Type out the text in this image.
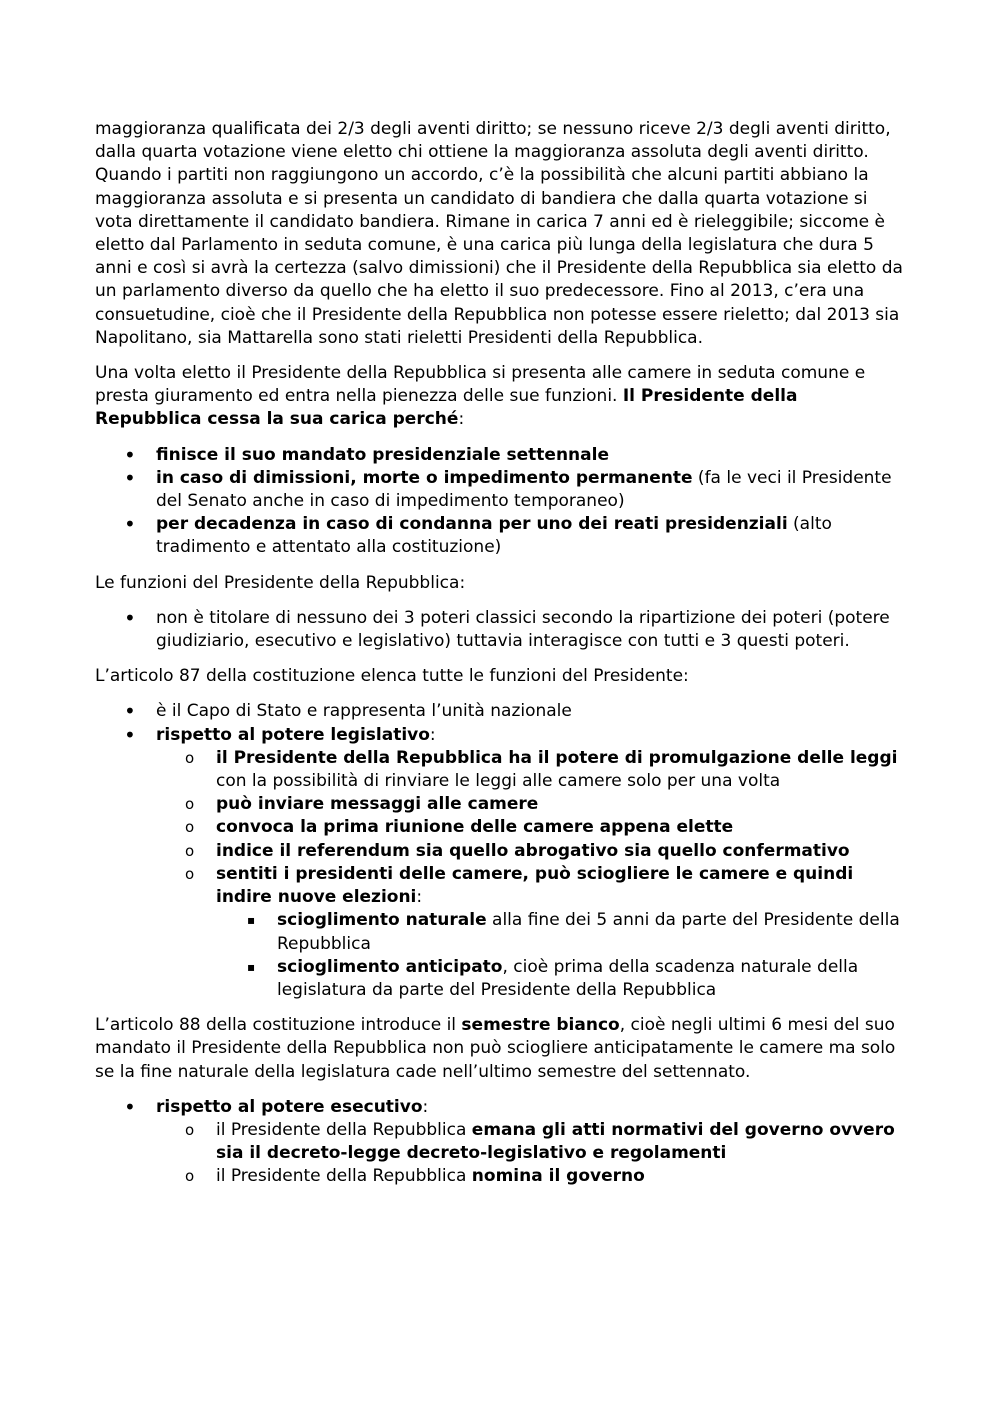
maggioranza qualificata dei 2/3 degli aventi diritto; se nessuno riceve 2/3 degli aventi diritto, dalla quarta votazione viene eletto chi ottiene la maggioranza assoluta degli aventi diritto. Quando i partiti non raggiungono un accordo, c’è la possibilità che alcuni partiti abbiano la maggioranza assoluta e si presenta un candidato di bandiera che dalla quarta votazione si vota direttamente il candidato bandiera. Rimane in carica 7 anni ed è rieleggibile; siccome è eletto dal Parlamento in seduta comune, è una carica più lunga della legislatura che dura 5 anni e così si avrà la certezza (salvo dimissioni) che il Presidente della Repubblica sia eletto da un parlamento diverso da quello che ha eletto il suo predecessore. Fino al 2013, c’era una consuetudine, cioè che il Presidente della Repubblica non potesse essere rieletto; dal 2013 sia Napolitano, sia Mattarella sono stati rieletti Presidenti della Repubblica.

Una volta eletto il Presidente della Repubblica si presenta alle camere in seduta comune e presta giuramento ed entra nella pienezza delle sue funzioni. Il Presidente della Repubblica cessa la sua carica perché:

• finisce il suo mandato presidenziale settennale
• in caso di dimissioni, morte o impedimento permanente (fa le veci il Presidente del Senato anche in caso di impedimento temporaneo)
• per decadenza in caso di condanna per uno dei reati presidenziali (alto tradimento e attentato alla costituzione)

Le funzioni del Presidente della Repubblica:

• non è titolare di nessuno dei 3 poteri classici secondo la ripartizione dei poteri (potere giudiziario, esecutivo e legislativo) tuttavia interagisce con tutti e 3 questi poteri.

L’articolo 87 della costituzione elenca tutte le funzioni del Presidente:

• è il Capo di Stato e rappresenta l’unità nazionale
• rispetto al potere legislativo:
o il Presidente della Repubblica ha il potere di promulgazione delle leggi con la possibilità di rinviare le leggi alle camere solo per una volta
o può inviare messaggi alle camere
o convoca la prima riunione delle camere appena elette
o indice il referendum sia quello abrogativo sia quello confermativo
o sentiti i presidenti delle camere, può sciogliere le camere e quindi indire nuove elezioni:
▪ scioglimento naturale alla fine dei 5 anni da parte del Presidente della Repubblica
▪ scioglimento anticipato, cioè prima della scadenza naturale della legislatura da parte del Presidente della Repubblica

L’articolo 88 della costituzione introduce il semestre bianco, cioè negli ultimi 6 mesi del suo mandato il Presidente della Repubblica non può sciogliere anticipatamente le camere ma solo se la fine naturale della legislatura cade nell’ultimo semestre del settennato.

• rispetto al potere esecutivo:
o il Presidente della Repubblica emana gli atti normativi del governo ovvero sia il decreto-legge decreto-legislativo e regolamenti
o il Presidente della Repubblica nomina il governo
